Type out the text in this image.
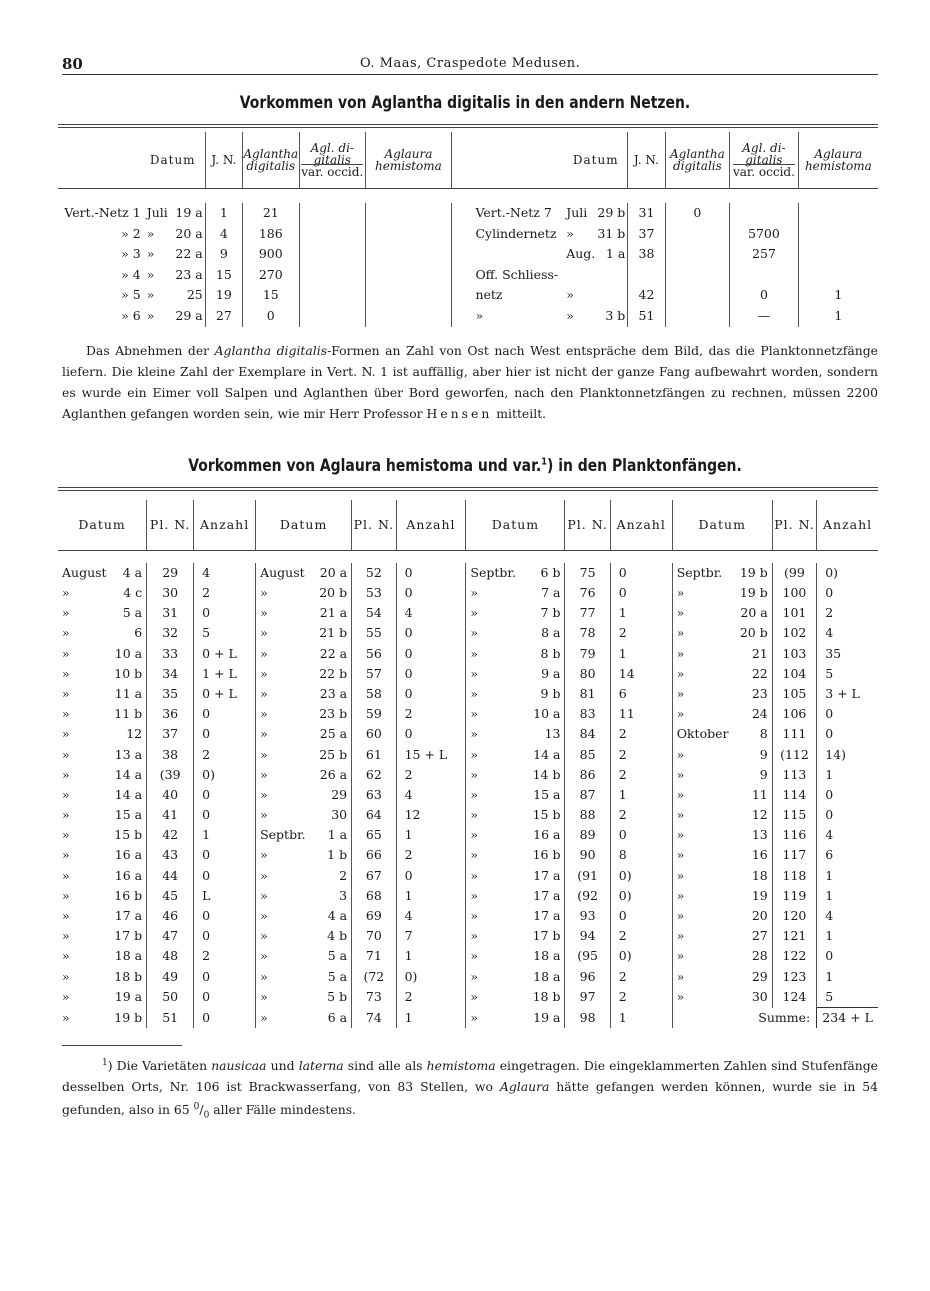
80	O. Maas, Craspedote Medusen.
Vorkommen von Aglantha digitalis in den andern Netzen.
	Datum		J. N.	Aglantha
digitalis	Agl. di-
gitalis
var. occid.	Aglaura
hemistoma			Datum		J. N.	Aglantha
digitalis	Agl. di-
gitalis
var. occid.	Aglaura
hemistoma

Vert.-Netz 1	Juli	19 a	1	21				Vert.-Netz 7	Juli	29 b	31	0		
» 2	»	20 a	4	186				Cylindernetz	»	31 b	37		5700	
» 3	»	22 a	9	900					Aug.	1 a	38		257	
» 4	»	23 a	15	270				Off. Schliess-						
» 5	»	25	19	15				netz	»		42		0	1
» 6	»	29 a	27	0				»	»	3 b	51		—	1
Das Abnehmen der Aglantha digitalis-Formen an Zahl von Ost nach West entspräche dem Bild, das die Planktonnetzfänge liefern. Die kleine Zahl der Exemplare in Vert. N. 1 ist auffällig, aber hier ist nicht der ganze Fang aufbewahrt worden, sondern es wurde ein Eimer voll Salpen und Aglanthen über Bord geworfen, nach den Planktonnetzfängen zu rechnen, müssen 2200 Aglanthen gefangen worden sein, wie mir Herr Professor Hensen mitteilt.
Vorkommen von Aglaura hemistoma und var.$^1$) in den Planktonfängen.
Datum		Pl. N.	Anzahl	Datum		Pl. N.	Anzahl	Datum		Pl. N.	Anzahl	Datum		Pl. N.	Anzahl

August	4 a	29	4	August	20 a	52	0	Septbr.	6 b	75	0	Septbr.	19 b	(99	0)
»	4 c	30	2	»	20 b	53	0	»	7 a	76	0	»	19 b	100	0
»	5 a	31	0	»	21 a	54	4	»	7 b	77	1	»	20 a	101	2
»	6	32	5	»	21 b	55	0	»	8 a	78	2	»	20 b	102	4
»	10 a	33	0 + L	»	22 a	56	0	»	8 b	79	1	»	21	103	35
»	10 b	34	1 + L	»	22 b	57	0	»	9 a	80	14	»	22	104	5
»	11 a	35	0 + L	»	23 a	58	0	»	9 b	81	6	»	23	105	3 + L
»	11 b	36	0	»	23 b	59	2	»	10 a	83	11	»	24	106	0
»	12	37	0	»	25 a	60	0	»	13	84	2	Oktober	8	111	0
»	13 a	38	2	»	25 b	61	15 + L	»	14 a	85	2	»	9	(112	14)
»	14 a	(39	0)	»	26 a	62	2	»	14 b	86	2	»	9	113	1
»	14 a	40	0	»	29	63	4	»	15 a	87	1	»	11	114	0
»	15 a	41	0	»	30	64	12	»	15 b	88	2	»	12	115	0
»	15 b	42	1	Septbr.	1 a	65	1	»	16 a	89	0	»	13	116	4
»	16 a	43	0	»	1 b	66	2	»	16 b	90	8	»	16	117	6
»	16 a	44	0	»	2	67	0	»	17 a	(91	0)	»	18	118	1
»	16 b	45	L	»	3	68	1	»	17 a	(92	0)	»	19	119	1
»	17 a	46	0	»	4 a	69	4	»	17 a	93	0	»	20	120	4
»	17 b	47	0	»	4 b	70	7	»	17 b	94	2	»	27	121	1
»	18 a	48	2	»	5 a	71	1	»	18 a	(95	0)	»	28	122	0
»	18 b	49	0	»	5 a	(72	0)	»	18 a	96	2	»	29	123	1
»	19 a	50	0	»	5 b	73	2	»	18 b	97	2	»	30	124	5
»	19 b	51	0	»	6 a	74	1	»	19 a	98	1	Summe:			234 + L
$^1$) Die Varietäten nausicaa und laterna sind alle als hemistoma eingetragen. Die eingeklammerten Zahlen sind Stufenfänge desselben Orts, Nr. 106 ist Brackwasserfang, von 83 Stellen, wo Aglaura hätte gefangen werden können, wurde sie in 54 gefunden, also in 65 $^0/_0$ aller Fälle mindestens.
